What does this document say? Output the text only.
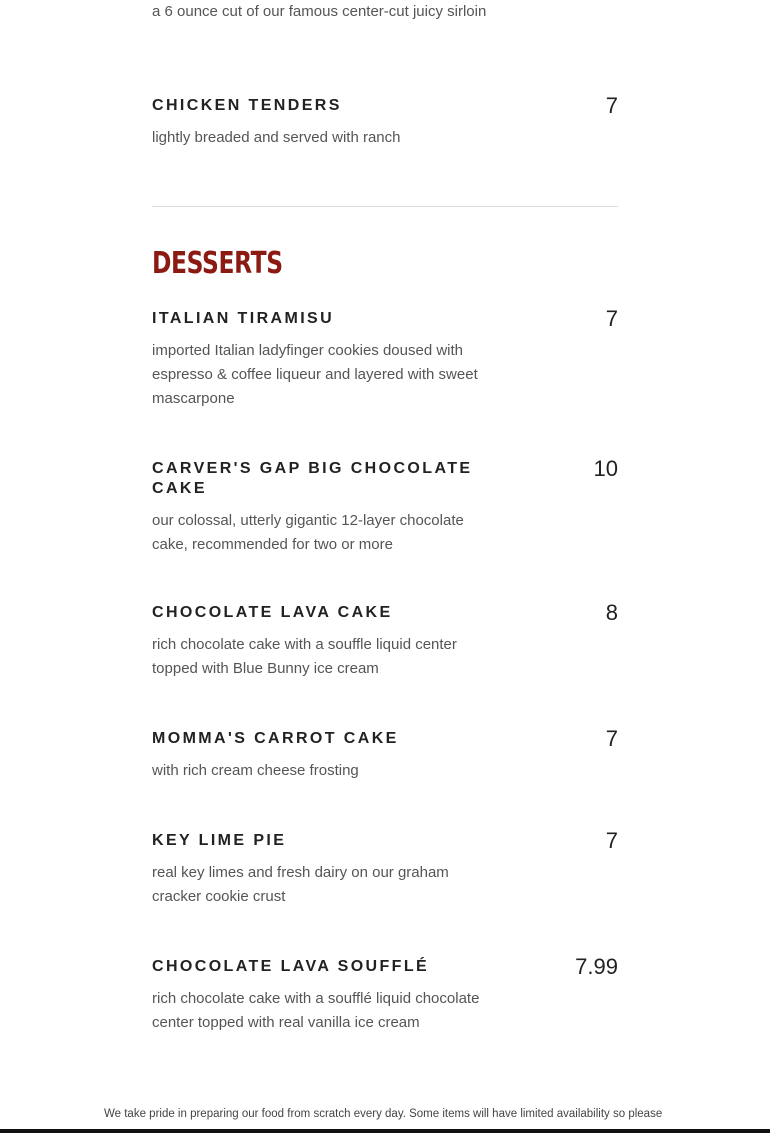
a 6 ounce cut of our famous center-cut juicy sirloin

CHICKEN TENDERS	7

lightly breaded and served with ranch

DESSERTS
ITALIAN TIRAMISU	7

imported Italian ladyfinger cookies doused with espresso & coffee liqueur and layered with sweet mascarpone

CARVER'S GAP BIG CHOCOLATE CAKE
10

our colossal, utterly gigantic 12-layer chocolate cake, recommended for two or more

CHOCOLATE LAVA CAKE	8

rich chocolate cake with a souffle liquid center topped with Blue Bunny ice cream

MOMMA'S CARROT CAKE	7

with rich cream cheese frosting

KEY LIME PIE	7

real key limes and fresh dairy on our graham cracker cookie crust

CHOCOLATE LAVA SOUFFLÉ	7.99

rich chocolate cake with a soufflé liquid chocolate center topped with real vanilla ice cream

We take pride in preparing our food from scratch every day. Some items will have limited availability so please
